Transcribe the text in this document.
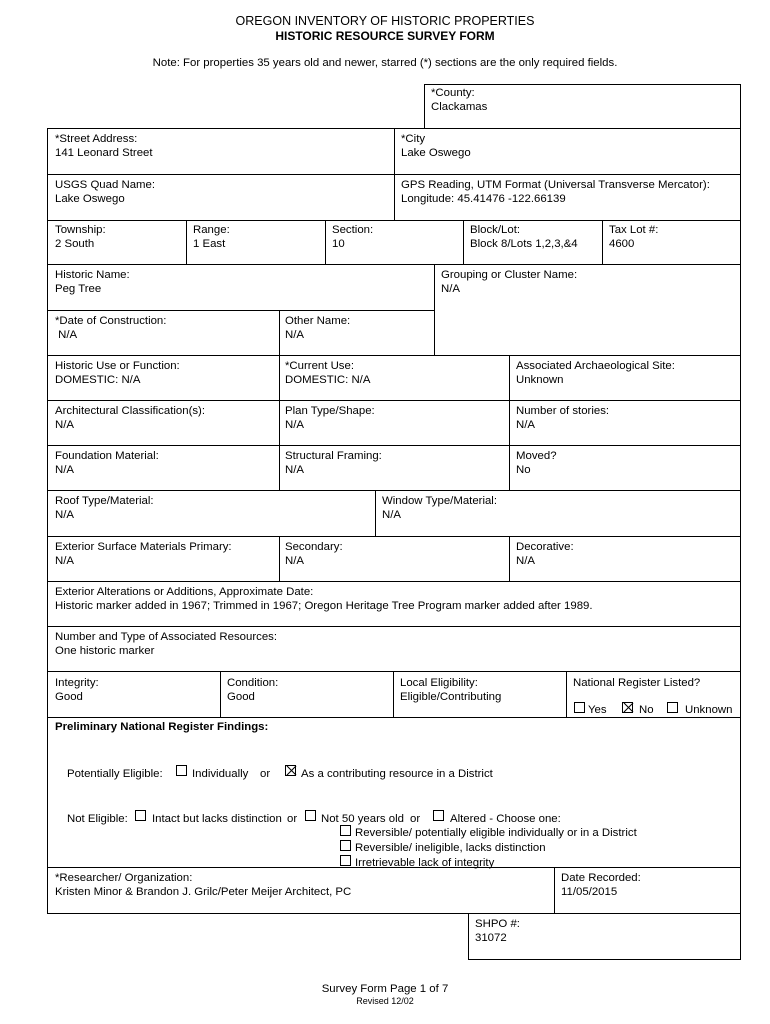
OREGON INVENTORY OF HISTORIC PROPERTIES
HISTORIC RESOURCE SURVEY FORM
Note: For properties 35 years old and newer, starred (*) sections are the only required fields.
*County:
Clackamas
*Street Address:
141 Leonard Street
*City
Lake Oswego
USGS Quad Name:
Lake Oswego
GPS Reading, UTM Format (Universal Transverse Mercator):
Longitude: 45.41476 -122.66139
Township:
2 South
Range:
1 East
Section:
10
Block/Lot:
Block 8/Lots 1,2,3,&4
Tax Lot #:
4600
Historic Name:
Peg Tree
Grouping or Cluster Name:
N/A
*Date of Construction:
N/A
Other Name:
N/A
Historic Use or Function:
DOMESTIC: N/A
*Current Use:
DOMESTIC: N/A
Associated Archaeological Site:
Unknown
Architectural Classification(s):
N/A
Plan Type/Shape:
N/A
Number of stories:
N/A
Foundation Material:
N/A
Structural Framing:
N/A
Moved?
No
Roof Type/Material:
N/A
Window Type/Material:
N/A
Exterior Surface Materials Primary:
N/A
Secondary:
N/A
Decorative:
N/A
Exterior Alterations or Additions, Approximate Date:
Historic marker added in 1967; Trimmed in 1967; Oregon Heritage Tree Program marker added after 1989.
Number and Type of Associated Resources:
One historic marker
Integrity:
Good
Condition:
Good
Local Eligibility:
Eligible/Contributing
National Register Listed?
Yes	No	Unknown
Preliminary National Register Findings:
Potentially Eligible:	Individually or	As a contributing resource in a District
Not Eligible: Intact but lacks distinction or Not 50 years old or	Altered - Choose one:
Reversible/ potentially eligible individually or in a District
Reversible/ ineligible, lacks distinction
Irretrievable lack of integrity
*Researcher/ Organization:
Kristen Minor & Brandon J. Grilc/Peter Meijer Architect, PC
Date Recorded:
11/05/2015
SHPO #:
31072
Survey Form Page 1 of 7
Revised 12/02
